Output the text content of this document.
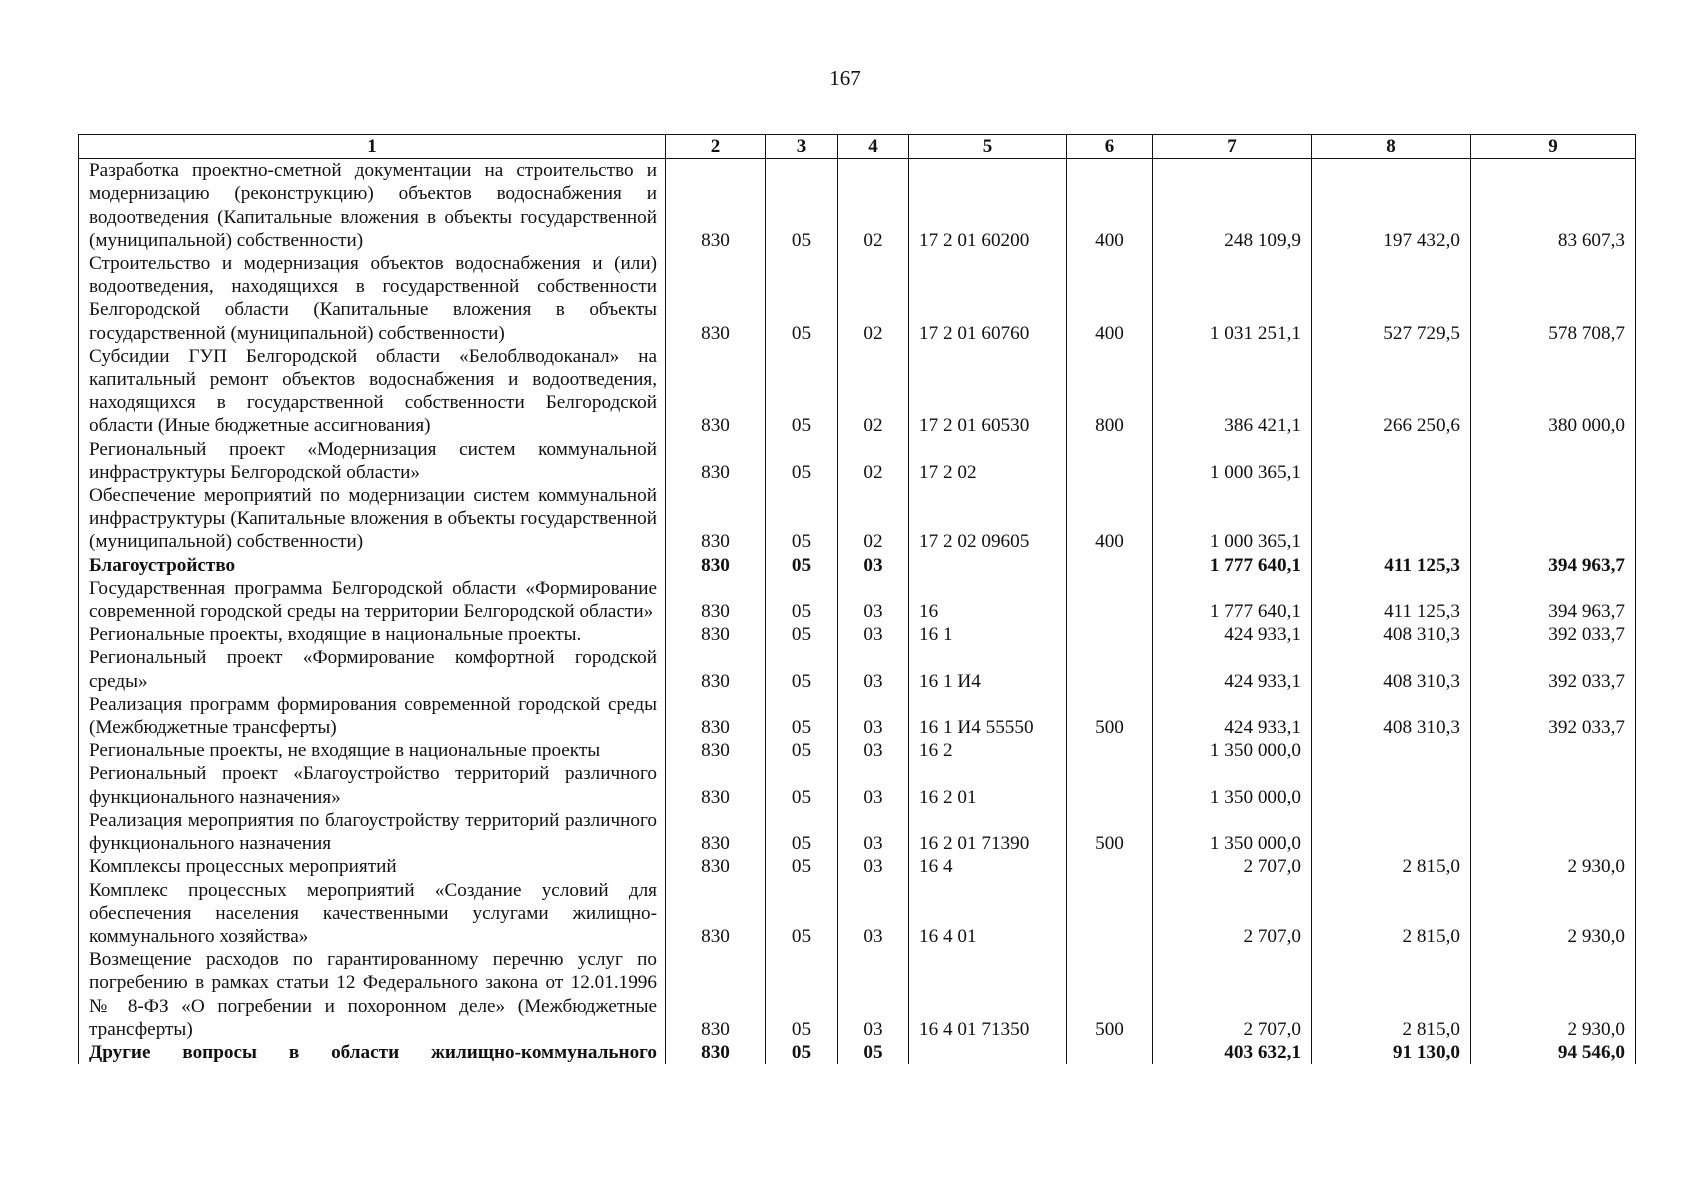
167
1	2	3	4	5	6	7	8	9
Разработка проектно-сметной документации на строительство и модернизацию (реконструкцию) объектов водоснабжения и водоотведения (Капитальные вложения в объекты государственной (муниципальной) собственности)	830	05	02	17 2 01 60200	400	248 109,9	197 432,0	83 607,3
Строительство и модернизация объектов водоснабжения и (или) водоотведения, находящихся в государственной собственности Белгородской области (Капитальные вложения в объекты государственной (муниципальной) собственности)	830	05	02	17 2 01 60760	400	1 031 251,1	527 729,5	578 708,7
Субсидии ГУП Белгородской области «Белоблводоканал» на капитальный ремонт объектов водоснабжения и водоотведения, находящихся в государственной собственности Белгородской области (Иные бюджетные ассигнования)	830	05	02	17 2 01 60530	800	386 421,1	266 250,6	380 000,0
Региональный проект «Модернизация систем коммунальной инфраструктуры Белгородской области»	830	05	02	17 2 02		1 000 365,1		
Обеспечение мероприятий по модернизации систем коммунальной инфраструктуры (Капитальные вложения в объекты государственной (муниципальной) собственности)	830	05	02	17 2 02 09605	400	1 000 365,1		
Благоустройство	830	05	03			1 777 640,1	411 125,3	394 963,7
Государственная программа Белгородской области «Формирование современной городской среды на территории Белгородской области»	830	05	03	16		1 777 640,1	411 125,3	394 963,7
Региональные проекты, входящие в национальные проекты.	830	05	03	16 1		424 933,1	408 310,3	392 033,7
Региональный проект «Формирование комфортной городской среды»	830	05	03	16 1 И4		424 933,1	408 310,3	392 033,7
Реализация программ формирования современной городской среды (Межбюджетные трансферты)	830	05	03	16 1 И4 55550	500	424 933,1	408 310,3	392 033,7
Региональные проекты, не входящие в национальные проекты	830	05	03	16 2		1 350 000,0		
Региональный проект «Благоустройство территорий различного функционального назначения»	830	05	03	16 2 01		1 350 000,0		
Реализация мероприятия по благоустройству территорий различного функционального назначения	830	05	03	16 2 01 71390	500	1 350 000,0		
Комплексы процессных мероприятий	830	05	03	16 4		2 707,0	2 815,0	2 930,0
Комплекс процессных мероприятий «Создание условий для обеспечения населения качественными услугами жилищно-коммунального хозяйства»	830	05	03	16 4 01		2 707,0	2 815,0	2 930,0
Возмещение расходов по гарантированному перечню услуг по погребению в рамках статьи 12 Федерального закона от 12.01.1996 № 8-ФЗ «О погребении и похоронном деле» (Межбюджетные трансферты)	830	05	03	16 4 01 71350	500	2 707,0	2 815,0	2 930,0
Другие вопросы в области жилищно-коммунального	830	05	05			403 632,1	91 130,0	94 546,0
